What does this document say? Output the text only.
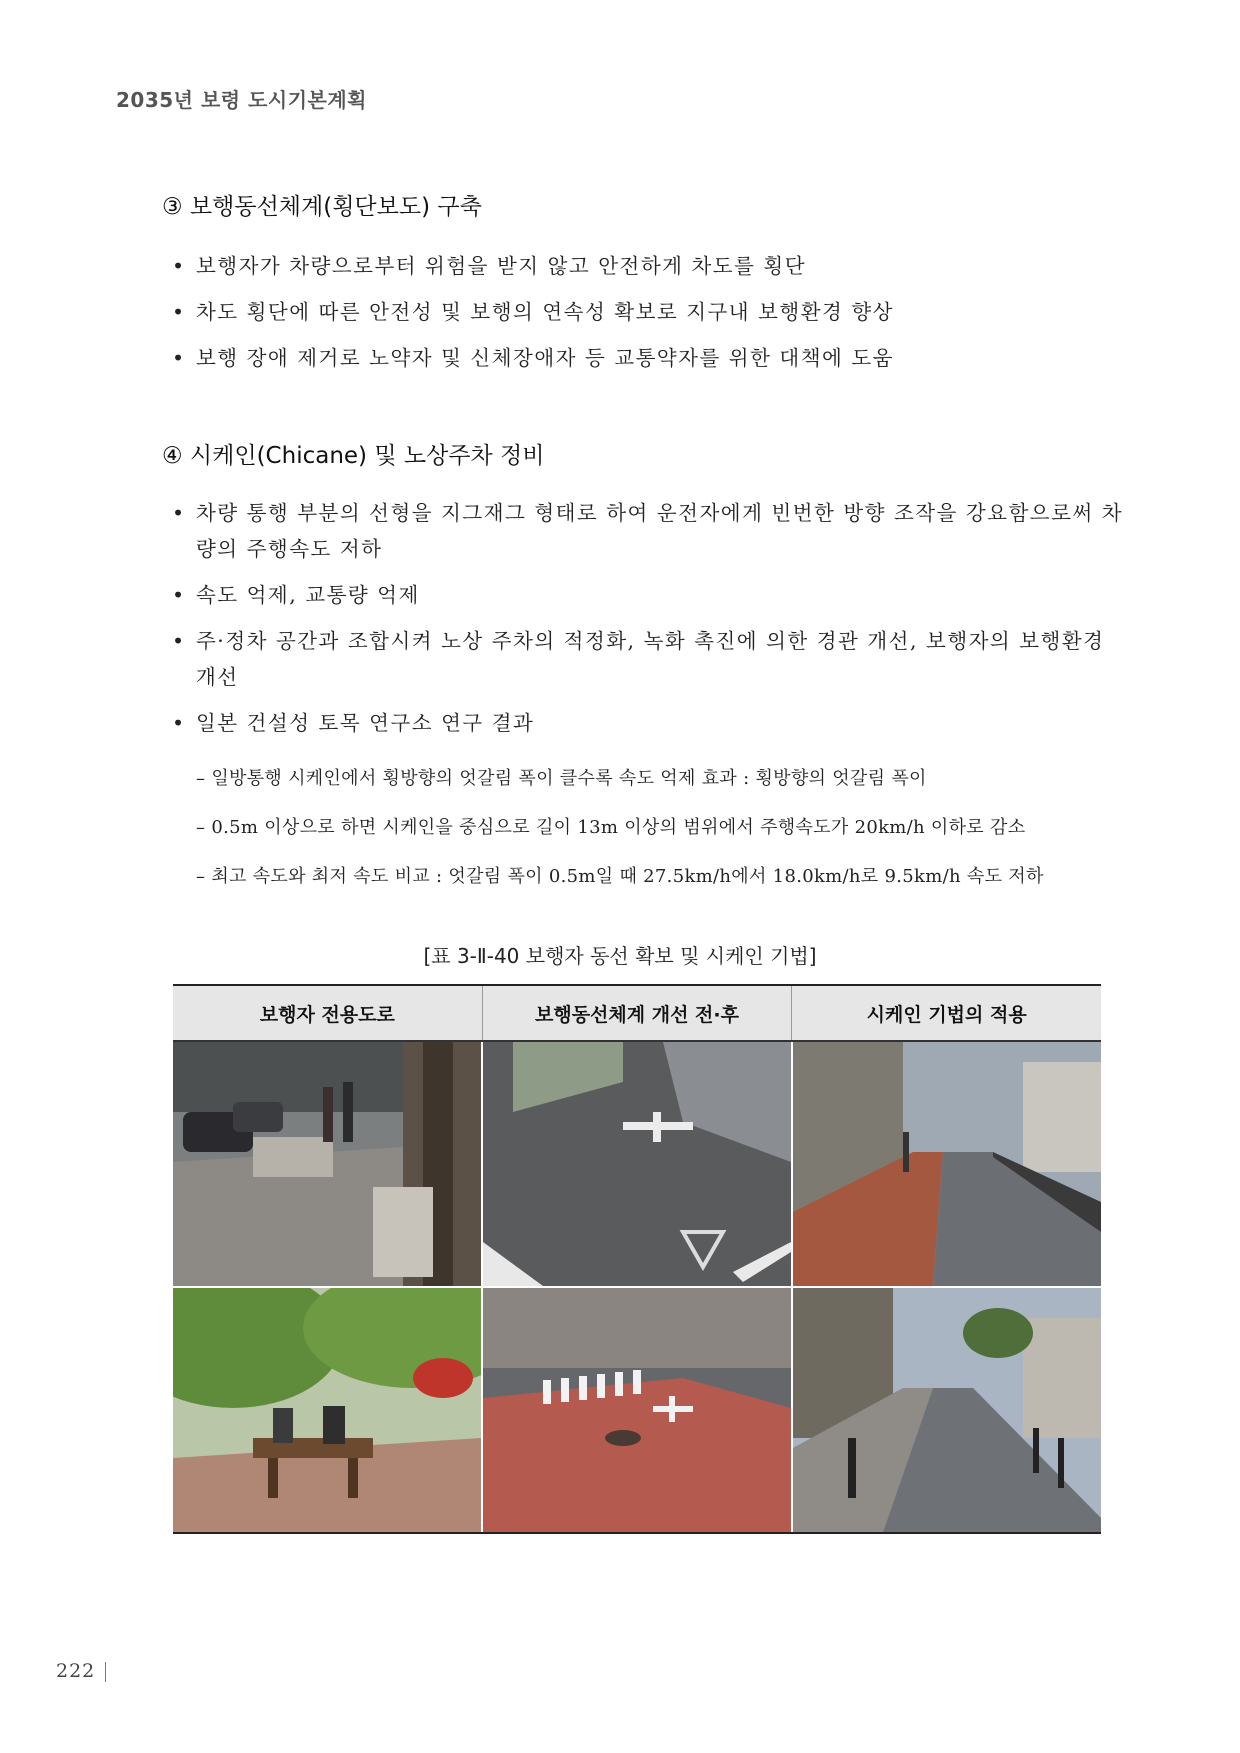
2035년 보령 도시기본계획
③ 보행동선체계(횡단보도) 구축
• 보행자가 차량으로부터 위험을 받지 않고 안전하게 차도를 횡단
• 차도 횡단에 따른 안전성 및 보행의 연속성 확보로 지구내 보행환경 향상
• 보행 장애 제거로 노약자 및 신체장애자 등 교통약자를 위한 대책에 도움
④ 시케인(Chicane) 및 노상주차 정비
• 차량 통행 부분의 선형을 지그재그 형태로 하여 운전자에게 빈번한 방향 조작을 강요함으로써 차량의 주행속도 저하
• 속도 억제, 교통량 억제
• 주·정차 공간과 조합시켜 노상 주차의 적정화, 녹화 촉진에 의한 경관 개선, 보행자의 보행환경 개선
• 일본 건설성 토목 연구소 연구 결과
– 일방통행 시케인에서 횡방향의 엇갈림 폭이 클수록 속도 억제 효과 : 횡방향의 엇갈림 폭이
– 0.5m 이상으로 하면 시케인을 중심으로 길이 13m 이상의 범위에서 주행속도가 20km/h 이하로 감소
– 최고 속도와 최저 속도 비교 : 엇갈림 폭이 0.5m일 때 27.5km/h에서 18.0km/h로 9.5km/h 속도 저하
[표 3-Ⅱ-40 보행자 동선 확보 및 시케인 기법]
보행자 전용도로	보행동선체계 개선 전·후	시케인 기법의 적용
222
